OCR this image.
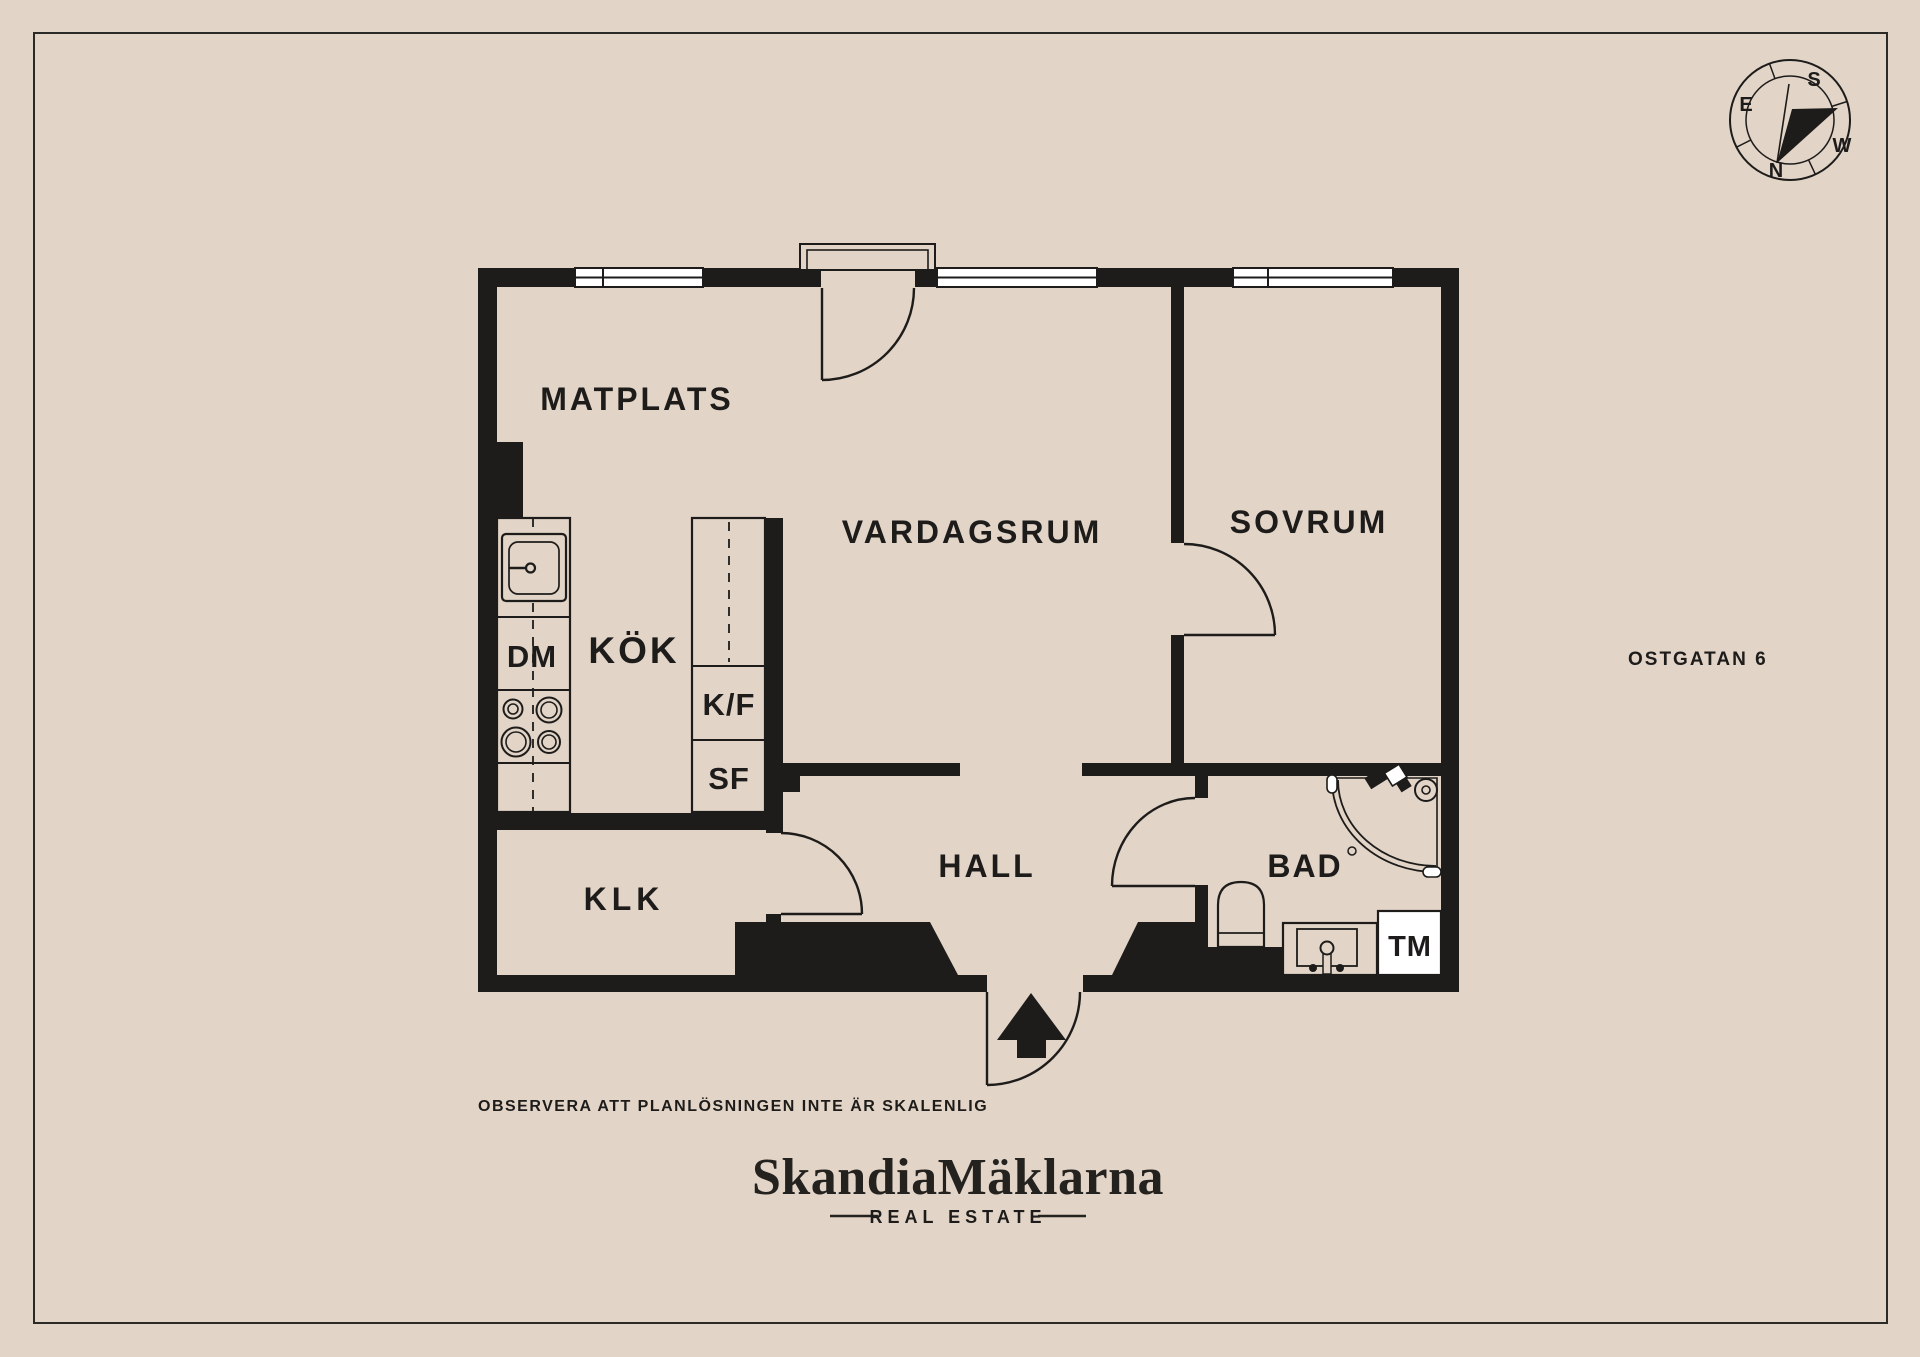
MATPLATS
VARDAGSRUM	SOVRUM
KÖK
KLK
HALL	BAD
DM
K/F
SF
TM
S
E
W
N
OSTGATAN 6
OBSERVERA ATT PLANLÖSNINGEN INTE ÄR SKALENLIG
SkandiaMäklarna
REAL ESTATE
